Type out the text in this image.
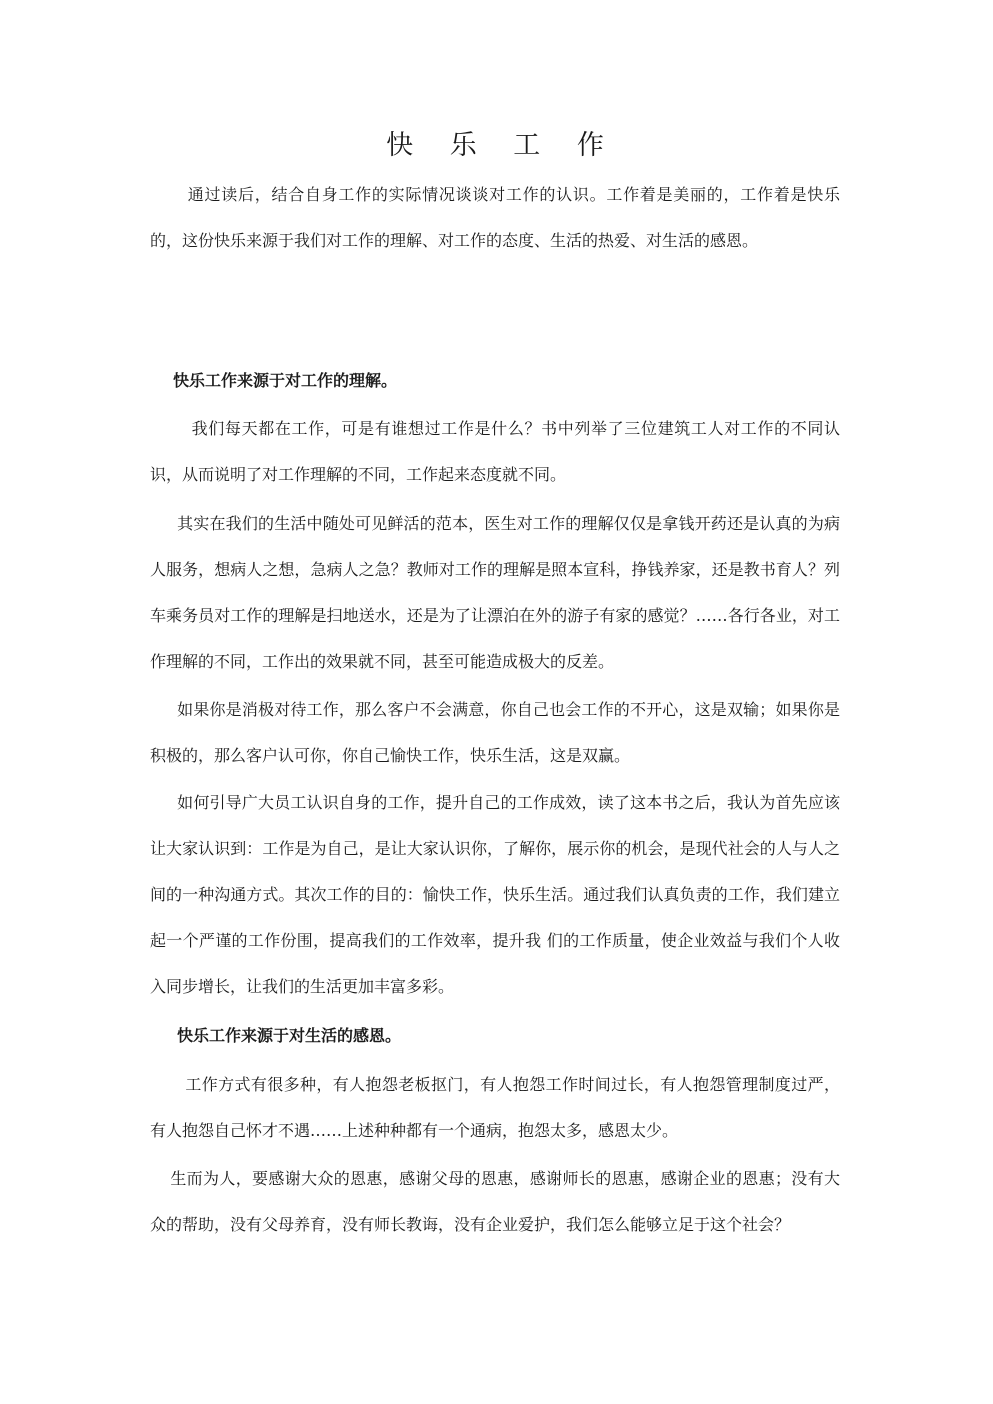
快 乐 工 作

通过读后，结合自身工作的实际情况谈谈对工作的认识。工作着是美丽的，工作着是快乐的，这份快乐来源于我们对工作的理解、对工作的态度、生活的热爱、对生活的感恩。

快乐工作来源于对工作的理解。

我们每天都在工作，可是有谁想过工作是什么？书中列举了三位建筑工人对工作的不同认识，从而说明了对工作理解的不同，工作起来态度就不同。

其实在我们的生活中随处可见鲜活的范本，医生对工作的理解仅仅是拿钱开药还是认真的为病人服务，想病人之想，急病人之急？教师对工作的理解是照本宣科，挣钱养家，还是教书育人？列车乘务员对工作的理解是扫地送水，还是为了让漂泊在外的游子有家的感觉？……各行各业，对工作理解的不同，工作出的效果就不同，甚至可能造成极大的反差。

如果你是消极对待工作，那么客户不会满意，你自己也会工作的不开心，这是双输；如果你是积极的，那么客户认可你，你自己愉快工作，快乐生活，这是双赢。

如何引导广大员工认识自身的工作，提升自己的工作成效，读了这本书之后，我认为首先应该让大家认识到：工作是为自己，是让大家认识你，了解你，展示你的机会，是现代社会的人与人之间的一种沟通方式。其次工作的目的：愉快工作，快乐生活。通过我们认真负责的工作，我们建立起一个严谨的工作份围，提高我们的工作效率，提升我 们的工作质量，使企业效益与我们个人收入同步增长，让我们的生活更加丰富多彩。

快乐工作来源于对生活的感恩。

工作方式有很多种，有人抱怨老板抠门，有人抱怨工作时间过长，有人抱怨管理制度过严，有人抱怨自己怀才不遇……上述种种都有一个通病，抱怨太多，感恩太少。

生而为人，要感谢大众的恩惠，感谢父母的恩惠，感谢师长的恩惠，感谢企业的恩惠；没有大众的帮助，没有父母养育，没有师长教诲，没有企业爱护，我们怎么能够立足于这个社会？
